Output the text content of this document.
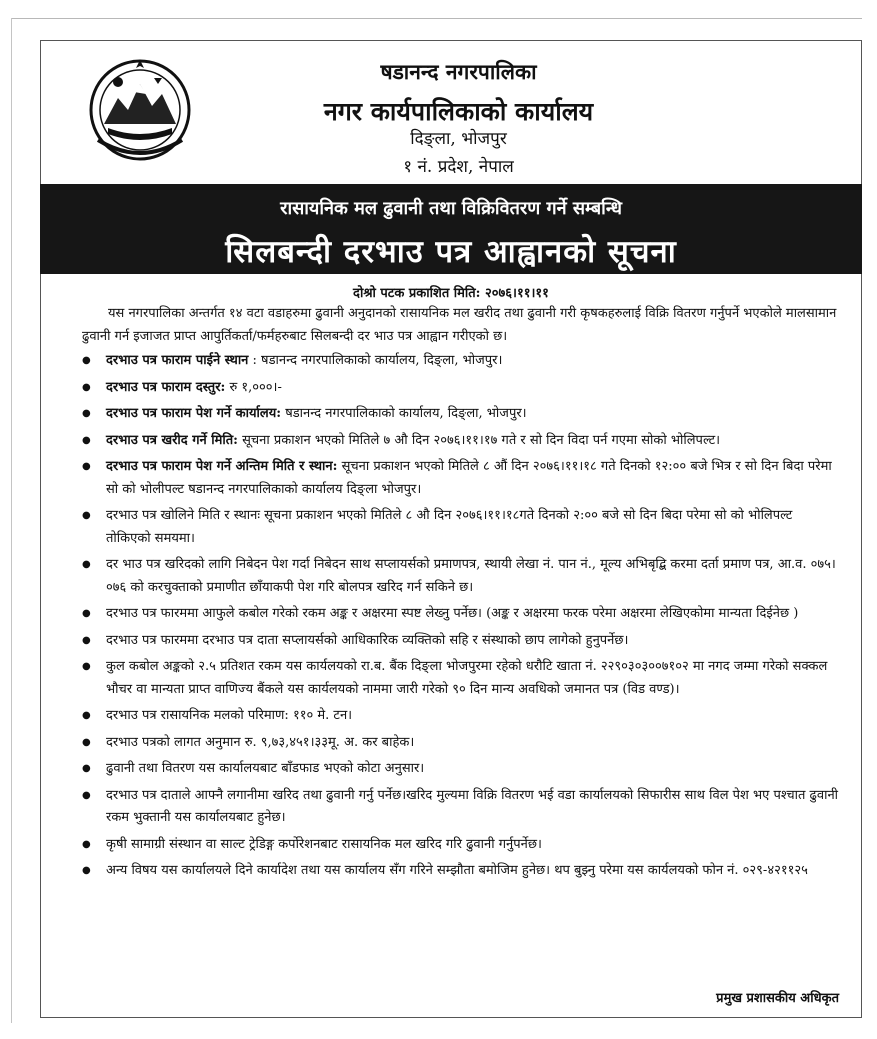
षडानन्द नगरपालिका
नगर कार्यपालिकाको कार्यालय
दिङ्ला, भोजपुर
१ नं. प्रदेश, नेपाल
रासायनिक मल ढुवानी तथा विक्रिवितरण गर्ने सम्बन्धि
सिलबन्दी दरभाउ पत्र आह्वानको सूचना
दोश्रो पटक प्रकाशित मिति: २०७६।११।११

यस नगरपालिका अन्तर्गत १४ वटा वडाहरुमा ढुवानी अनुदानको रासायनिक मल खरीद तथा ढुवानी गरी कृषकहरुलाई विक्रि वितरण गर्नुपर्ने भएकोले मालसामान ढुवानी गर्न इजाजत प्राप्त आपुर्तिकर्ता/फर्महरुबाट सिलबन्दी दर भाउ पत्र आह्वान गरीएको छ।

● दरभाउ पत्र फाराम पाईने स्थान : षडानन्द नगरपालिकाको कार्यालय, दिङ्ला, भोजपुर।
● दरभाउ पत्र फाराम दस्तुर: रु १,०००।-
● दरभाउ पत्र फाराम पेश गर्ने कार्यालय: षडानन्द नगरपालिकाको कार्यालय, दिङ्ला, भोजपुर।
● दरभाउ पत्र खरीद गर्ने मिति: सूचना प्रकाशन भएको मितिले ७ औ दिन २०७६।११।१७ गते र सो दिन विदा पर्न गएमा सोको भोलिपल्ट।
● दरभाउ पत्र फाराम पेश गर्ने अन्तिम मिति र स्थान: सूचना प्रकाशन भएको मितिले ८ औं दिन २०७६।११।१८ गते दिनको १२:०० बजे भित्र र सो दिन बिदा परेमा सो को भोलीपल्ट षडानन्द नगरपालिकाको कार्यालय दिङ्ला भोजपुर।
● दरभाउ पत्र खोलिने मिति र स्थानः सूचना प्रकाशन भएको मितिले ८ औ दिन २०७६।११।१८गते दिनको २:०० बजे सो दिन बिदा परेमा सो को भोलिपल्ट तोकिएको समयमा।
● दर भाउ पत्र खरिदको लागि निबेदन पेश गर्दा निबेदन साथ सप्लायर्सको प्रमाणपत्र, स्थायी लेखा नं. पान नं., मूल्य अभिबृद्बि करमा दर्ता प्रमाण पत्र, आ.व. ०७५।०७६ को करचुक्ताको प्रमाणीत छाँयाकपी पेश गरि बोलपत्र खरिद गर्न सकिने छ।
● दरभाउ पत्र फारममा आफुले कबोल गरेको रकम अङ्क र अक्षरमा स्पष्ट लेख्नु पर्नेछ। (अङ्क र अक्षरमा फरक परेमा अक्षरमा लेखिएकोमा मान्यता दिईनेछ )
● दरभाउ पत्र फारममा दरभाउ पत्र दाता सप्लायर्सको आधिकारिक व्यक्तिको सहि र संस्थाको छाप लागेको हुनुपर्नेछ।
● कुल कबोल अङ्कको २.५ प्रतिशत रकम यस कार्यलयको रा.ब. बैंक दिङ्ला भोजपुरमा रहेको धरौटि खाता नं. २२९०३०३००७१०२ मा नगद जम्मा गरेको सक्कल भौचर वा मान्यता प्राप्त वाणिज्य बैंकले यस कार्यलयको नाममा जारी गरेको ९० दिन मान्य अवधिको जमानत पत्र (विड वण्ड)।
● दरभाउ पत्र रासायनिक मलको परिमाण: ११० मे. टन।
● दरभाउ पत्रको लागत अनुमान रु. ९,७३,४५१।३३मू. अ. कर बाहेक।
● ढुवानी तथा वितरण यस कार्यालयबाट बाँडफाड भएको कोटा अनुसार।
● दरभाउ पत्र दाताले आफ्नै लगानीमा खरिद तथा ढुवानी गर्नु पर्नेछ।खरिद मुल्यमा विक्रि वितरण भई वडा कार्यालयको सिफारीस साथ विल पेश भए पश्चात ढुवानी रकम भुक्तानी यस कार्यालयबाट हुनेछ।
● कृषी सामाग्री संस्थान वा साल्ट ट्रेडिङ्ग कर्पोरेशनबाट रासायनिक मल खरिद गरि ढुवानी गर्नुपर्नेछ।
● अन्य विषय यस कार्यालयले दिने कार्यादेश तथा यस कार्यालय सँग गरिने सम्झौता बमोजिम हुनेछ। थप बुझ्नु परेमा यस कार्यलयको फोन नं. ०२९-४२११२५
प्रमुख प्रशासकीय अधिकृत
